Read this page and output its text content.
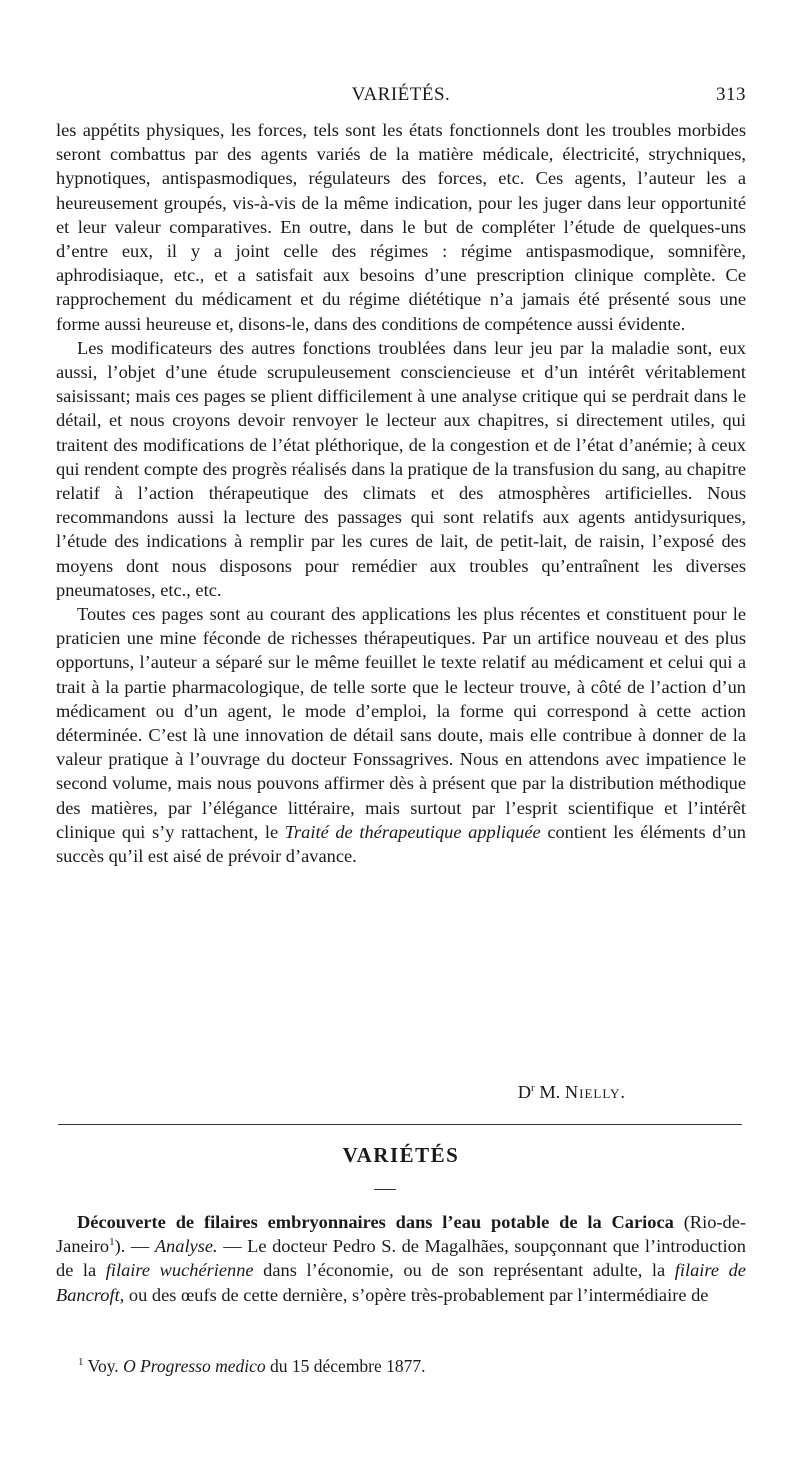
VARIÉTÉS.	313

les appétits physiques, les forces, tels sont les états fonctionnels dont les troubles morbides seront combattus par des agents variés de la matière médicale, électricité, strychniques, hypnotiques, antispasmodiques, régulateurs des forces, etc. Ces agents, l’auteur les a heureusement groupés, vis-à-vis de la même indication, pour les juger dans leur opportunité et leur valeur comparatives. En outre, dans le but de compléter l’étude de quelques-uns d’entre eux, il y a joint celle des régimes : régime antispasmodique, somnifère, aphrodisiaque, etc., et a satisfait aux besoins d’une prescription clinique complète. Ce rapprochement du médicament et du régime diététique n’a jamais été présenté sous une forme aussi heureuse et, disons-le, dans des conditions de compétence aussi évidente.

Les modificateurs des autres fonctions troublées dans leur jeu par la maladie sont, eux aussi, l’objet d’une étude scrupuleusement consciencieuse et d’un intérêt véritablement saisissant; mais ces pages se plient difficilement à une analyse critique qui se perdrait dans le détail, et nous croyons devoir renvoyer le lecteur aux chapitres, si directement utiles, qui traitent des modifications de l’état pléthorique, de la congestion et de l’état d’anémie; à ceux qui rendent compte des progrès réalisés dans la pratique de la transfusion du sang, au chapitre relatif à l’action thérapeutique des climats et des atmosphères artificielles. Nous recommandons aussi la lecture des passages qui sont relatifs aux agents antidysuriques, l’étude des indications à remplir par les cures de lait, de petit-lait, de raisin, l’exposé des moyens dont nous disposons pour remédier aux troubles qu’entraînent les diverses pneumatoses, etc., etc.

Toutes ces pages sont au courant des applications les plus récentes et constituent pour le praticien une mine féconde de richesses thérapeutiques. Par un artifice nouveau et des plus opportuns, l’auteur a séparé sur le même feuillet le texte relatif au médicament et celui qui a trait à la partie pharmacologique, de telle sorte que le lecteur trouve, à côté de l’action d’un médicament ou d’un agent, le mode d’emploi, la forme qui correspond à cette action déterminée. C’est là une innovation de détail sans doute, mais elle contribue à donner de la valeur pratique à l’ouvrage du docteur Fonssagrives. Nous en attendons avec impatience le second volume, mais nous pouvons affirmer dès à présent que par la distribution méthodique des matières, par l’élégance littéraire, mais surtout par l’esprit scientifique et l’intérêt clinique qui s’y rattachent, le Traité de thérapeutique appliquée contient les éléments d’un succès qu’il est aisé de prévoir d’avance.

$D^r$ M. Nielly.
VARIÉTÉS

Découverte de filaires embryonnaires dans l’eau potable de la Carioca (Rio-de-Janeiro$^1$). — Analyse. — Le docteur Pedro S. de Magalhães, soupçonnant que l’introduction de la filaire wuchérienne dans l’économie, ou de son représentant adulte, la filaire de Bancroft, ou des œufs de cette dernière, s’opère très-probablement par l’intermédiaire de

$^1$ Voy. O Progresso medico du 15 décembre 1877.
